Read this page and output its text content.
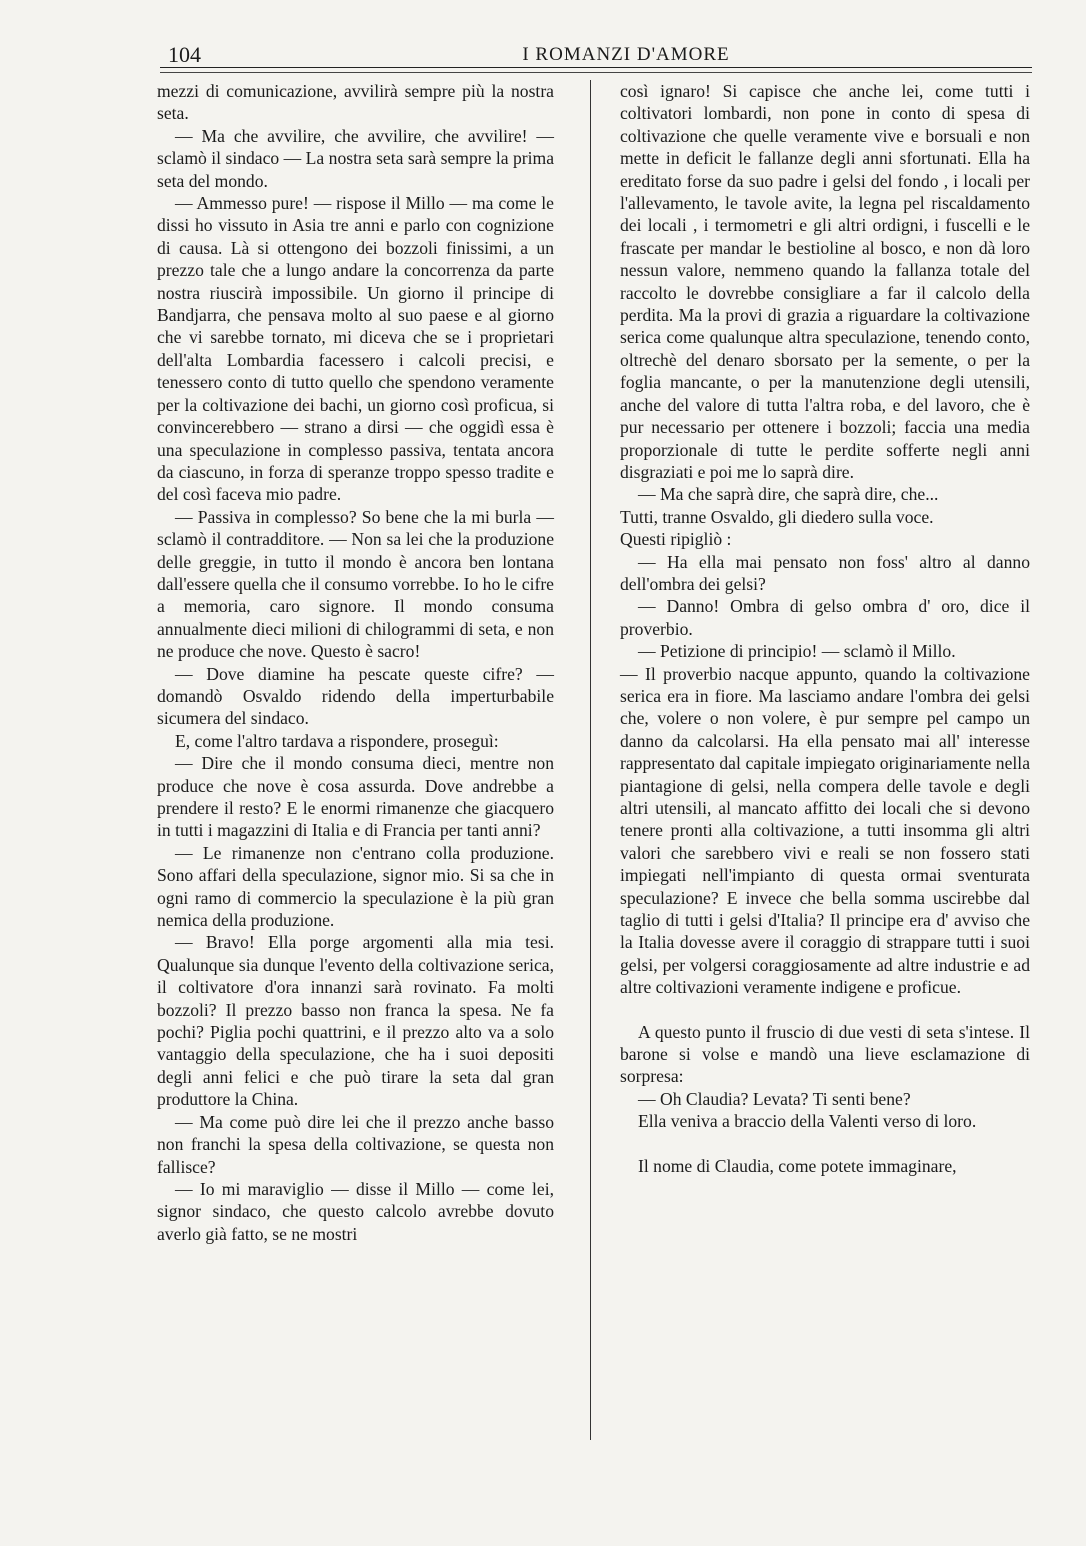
104	I ROMANZI D'AMORE

mezzi di comunicazione, avvilirà sempre più la nostra seta.

— Ma che avvilire, che avvilire, che avvilire! — sclamò il sindaco — La nostra seta sarà sempre la prima seta del mondo.

— Ammesso pure! — rispose il Millo — ma come le dissi ho vissuto in Asia tre anni e parlo con cognizione di causa. Là si ottengono dei bozzoli finissimi, a un prezzo tale che a lungo andare la concorrenza da parte nostra riuscirà impossibile. Un giorno il principe di Bandjarra, che pensava molto al suo paese e al giorno che vi sarebbe tornato, mi diceva che se i proprietari dell'alta Lombardia facessero i calcoli precisi, e tenessero conto di tutto quello che spendono veramente per la coltivazione dei bachi, un giorno così proficua, si convincerebbero — strano a dirsi — che oggidì essa è una speculazione in complesso passiva, tentata ancora da ciascuno, in forza di speranze troppo spesso tradite e del così faceva mio padre.

— Passiva in complesso? So bene che la mi burla — sclamò il contradditore. — Non sa lei che la produzione delle greggie, in tutto il mondo è ancora ben lontana dall'essere quella che il consumo vorrebbe. Io ho le cifre a memoria, caro signore. Il mondo consuma annualmente dieci milioni di chilogrammi di seta, e non ne produce che nove. Questo è sacro!

— Dove diamine ha pescate queste cifre? — domandò Osvaldo ridendo della imperturbabile sicumera del sindaco.

E, come l'altro tardava a rispondere, proseguì:

— Dire che il mondo consuma dieci, mentre non produce che nove è cosa assurda. Dove andrebbe a prendere il resto? E le enormi rimanenze che giacquero in tutti i magazzini di Italia e di Francia per tanti anni?

— Le rimanenze non c'entrano colla produzione. Sono affari della speculazione, signor mio. Si sa che in ogni ramo di commercio la speculazione è la più gran nemica della produzione.

— Bravo! Ella porge argomenti alla mia tesi. Qualunque sia dunque l'evento della coltivazione serica, il coltivatore d'ora innanzi sarà rovinato. Fa molti bozzoli? Il prezzo basso non franca la spesa. Ne fa pochi? Piglia pochi quattrini, e il prezzo alto va a solo vantaggio della speculazione, che ha i suoi depositi degli anni felici e che può tirare la seta dal gran produttore la China.

— Ma come può dire lei che il prezzo anche basso non franchi la spesa della coltivazione, se questa non fallisce?

— Io mi maraviglio — disse il Millo — come lei, signor sindaco, che questo calcolo avrebbe dovuto averlo già fatto, se ne mostri

così ignaro! Si capisce che anche lei, come tutti i coltivatori lombardi, non pone in conto di spesa di coltivazione che quelle veramente vive e borsuali e non mette in deficit le fallanze degli anni sfortunati. Ella ha ereditato forse da suo padre i gelsi del fondo , i locali per l'allevamento, le tavole avite, la legna pel riscaldamento dei locali , i termometri e gli altri ordigni, i fuscelli e le frascate per mandar le bestioline al bosco, e non dà loro nessun valore, nemmeno quando la fallanza totale del raccolto le dovrebbe consigliare a far il calcolo della perdita. Ma la provi di grazia a riguardare la coltivazione serica come qualunque altra speculazione, tenendo conto, oltrechè del denaro sborsato per la semente, o per la foglia mancante, o per la manutenzione degli utensili, anche del valore di tutta l'altra roba, e del lavoro, che è pur necessario per ottenere i bozzoli; faccia una media proporzionale di tutte le perdite sofferte negli anni disgraziati e poi me lo saprà dire.

— Ma che saprà dire, che saprà dire, che...

Tutti, tranne Osvaldo, gli diedero sulla voce.

Questi ripigliò :

— Ha ella mai pensato non foss' altro al danno dell'ombra dei gelsi?

— Danno! Ombra di gelso ombra d' oro, dice il proverbio.

— Petizione di principio! — sclamò il Millo.

— Il proverbio nacque appunto, quando la coltivazione serica era in fiore. Ma lasciamo andare l'ombra dei gelsi che, volere o non volere, è pur sempre pel campo un danno da calcolarsi. Ha ella pensato mai all' interesse rappresentato dal capitale impiegato originariamente nella piantagione di gelsi, nella compera delle tavole e degli altri utensili, al mancato affitto dei locali che si devono tenere pronti alla coltivazione, a tutti insomma gli altri valori che sarebbero vivi e reali se non fossero stati impiegati nell'impianto di questa ormai sventurata speculazione? E invece che bella somma uscirebbe dal taglio di tutti i gelsi d'Italia? Il principe era d' avviso che la Italia dovesse avere il coraggio di strappare tutti i suoi gelsi, per volgersi coraggiosamente ad altre industrie e ad altre coltivazioni veramente indigene e proficue.

A questo punto il fruscio di due vesti di seta s'intese. Il barone si volse e mandò una lieve esclamazione di sorpresa:

— Oh Claudia? Levata? Ti senti bene?

Ella veniva a braccio della Valenti verso di loro.

Il nome di Claudia, come potete immaginare,
